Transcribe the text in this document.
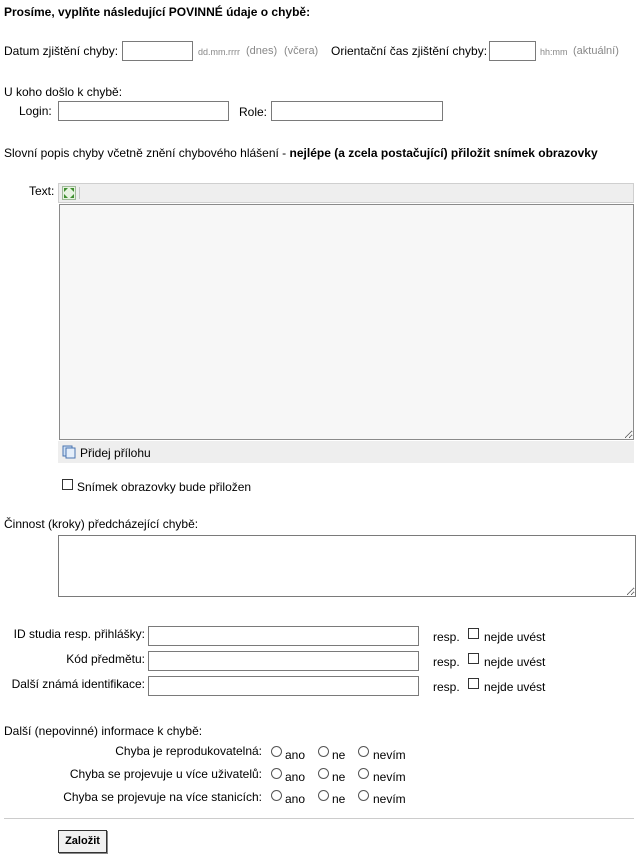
Prosíme, vyplňte následující POVINNÉ údaje o chybě:
Datum zjištění chyby:	dd.mm.rrrr (dnes) (včera) Orientační čas zjištění chyby:	hh:mm (aktuální)
U koho došlo k chybě:
Login:	Role:
Slovní popis chyby včetně znění chybového hlášení - nejlépe (a zcela postačující) přiložit snímek obrazovky
Text:
Přidej přílohu
Snímek obrazovky bude přiložen
Činnost (kroky) předcházející chybě:
ID studia resp. přihlášky:	resp. nejde uvést
Kód předmětu:	resp. nejde uvést
Další známá identifikace:	resp. nejde uvést
Další (nepovinné) informace k chybě:
Chyba je reprodukovatelná: ano ne nevím
Chyba se projevuje u více uživatelů: ano ne nevím
Chyba se projevuje na více stanicích: ano ne nevím
Založit
